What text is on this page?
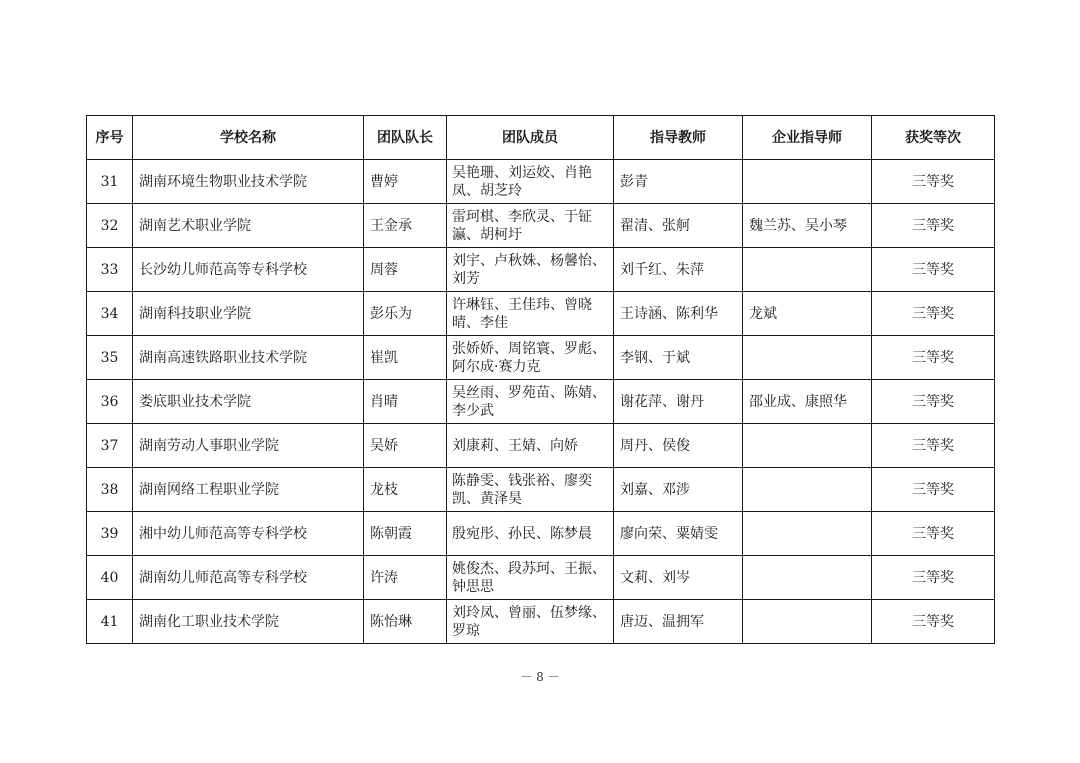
序号	学校名称	团队队长	团队成员	指导教师	企业指导师	获奖等次
31	湖南环境生物职业技术学院	曹婷	吴艳珊、刘运姣、肖艳凤、胡芝玲	彭青		三等奖
32	湖南艺术职业学院	王金承	雷珂棋、李欣灵、于钲瀛、胡柯圩	翟清、张舸	魏兰苏、吴小琴	三等奖
33	长沙幼儿师范高等专科学校	周蓉	刘宇、卢秋姝、杨馨怡、刘芳	刘千红、朱萍		三等奖
34	湖南科技职业学院	彭乐为	许琳钰、王佳玮、曾晓晴、李佳	王诗涵、陈利华	龙斌	三等奖
35	湖南高速铁路职业技术学院	崔凯	张娇娇、周铭寰、罗彪、阿尔成·赛力克	李钢、于斌		三等奖
36	娄底职业技术学院	肖晴	吴丝雨、罗苑苗、陈婧、李少武	谢花萍、谢丹	邵业成、康照华	三等奖
37	湖南劳动人事职业学院	吴娇	刘康莉、王婧、向娇	周丹、侯俊		三等奖
38	湖南网络工程职业学院	龙枝	陈静雯、钱张裕、廖奕凯、黄泽昊	刘嘉、邓涉		三等奖
39	湘中幼儿师范高等专科学校	陈朝霞	殷宛彤、孙民、陈梦晨	廖向荣、粟婧雯		三等奖
40	湖南幼儿师范高等专科学校	许涛	姚俊杰、段苏珂、王振、钟思思	文莉、刘岑		三等奖
41	湖南化工职业技术学院	陈怡琳	刘玲凤、曾丽、伍梦缘、罗琼	唐迈、温拥军		三等奖
－ 8 －
